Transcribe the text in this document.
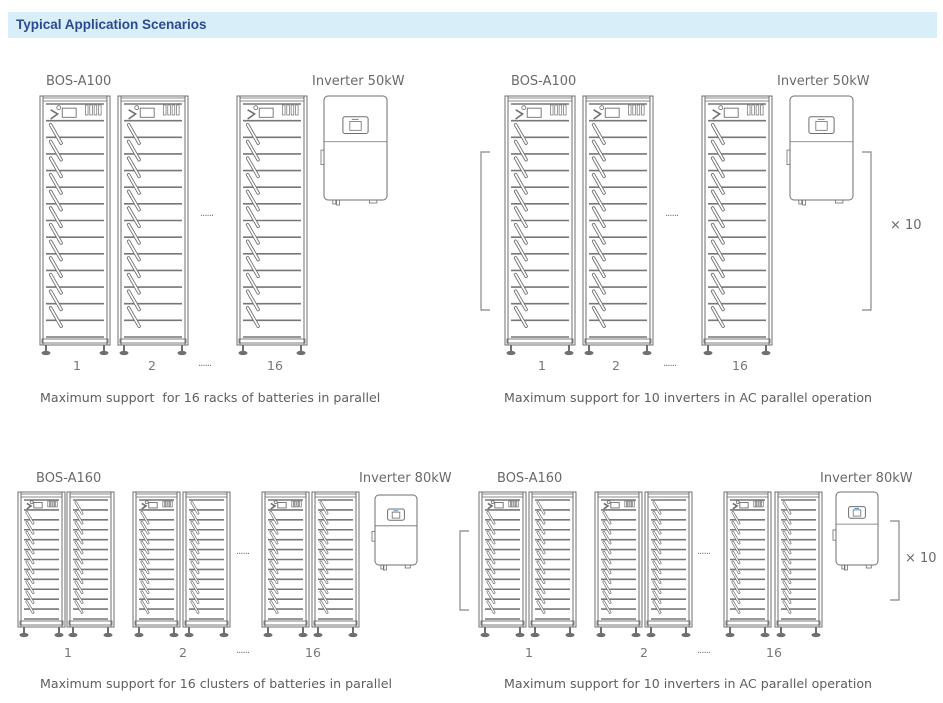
Typical Application Scenarios
BOS-A100	Inverter 50kW
1	2	16
......
......
Maximum support  for 16 racks of batteries in parallel
BOS-A100	Inverter 50kW
1	2	16
......
......
× 10
Maximum support for 10 inverters in AC parallel operation
BOS-A160	Inverter 80kW
1	2	16
......
......
Maximum support for 16 clusters of batteries in parallel
BOS-A160	Inverter 80kW
1	2	16
......
......
× 10
Maximum support for 10 inverters in AC parallel operation
